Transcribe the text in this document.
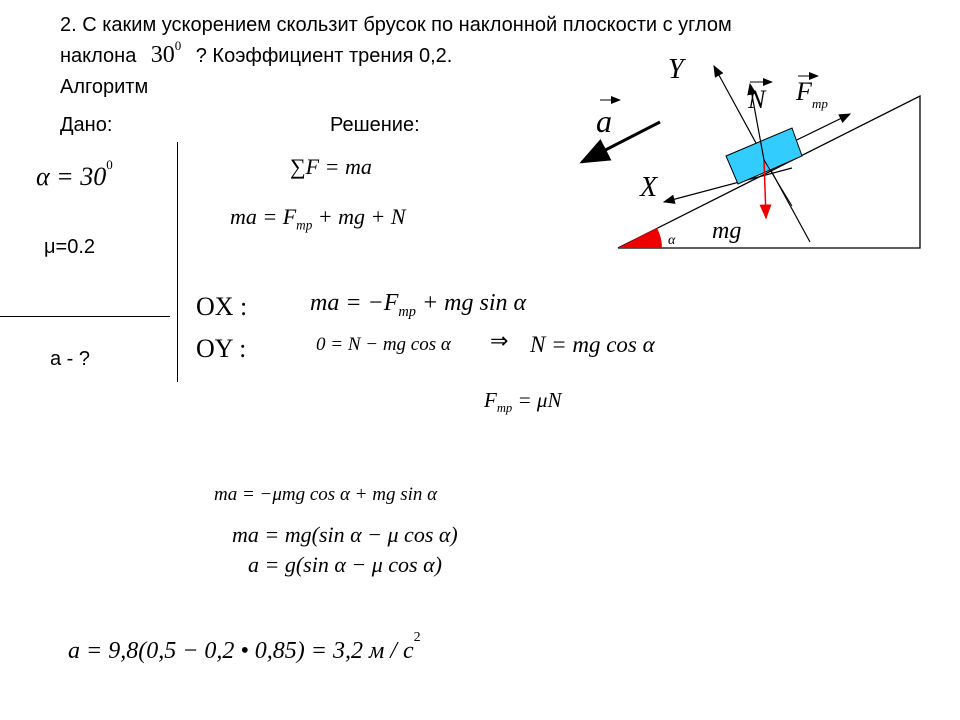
2. С каким ускорением скользит брусок по наклонной плоскости с углом
наклона $30^0$ ? Коэффициент трения 0,2.
Алгоритм
Дано:	Решение:
$\alpha = 30^0$
μ=0.2
a - ?
∑F = ma
ma = $F_{тр}$ + mg + N
OX :	ma = $-F_{тр}$ + mg sin α
OY :	0 = N − mg cos α ⇒ N = mg cos α
$F_{тр} = \mu N$
ma = −μmg cos α + mg sin α
ma = mg(sin α − μ cos α)
a = g(sin α − μ cos α)
a = 9,8(0,5 − 0,2 • 0,85) = 3,2 м / $с^2$
α
X
Y
mg
N F тр
a
